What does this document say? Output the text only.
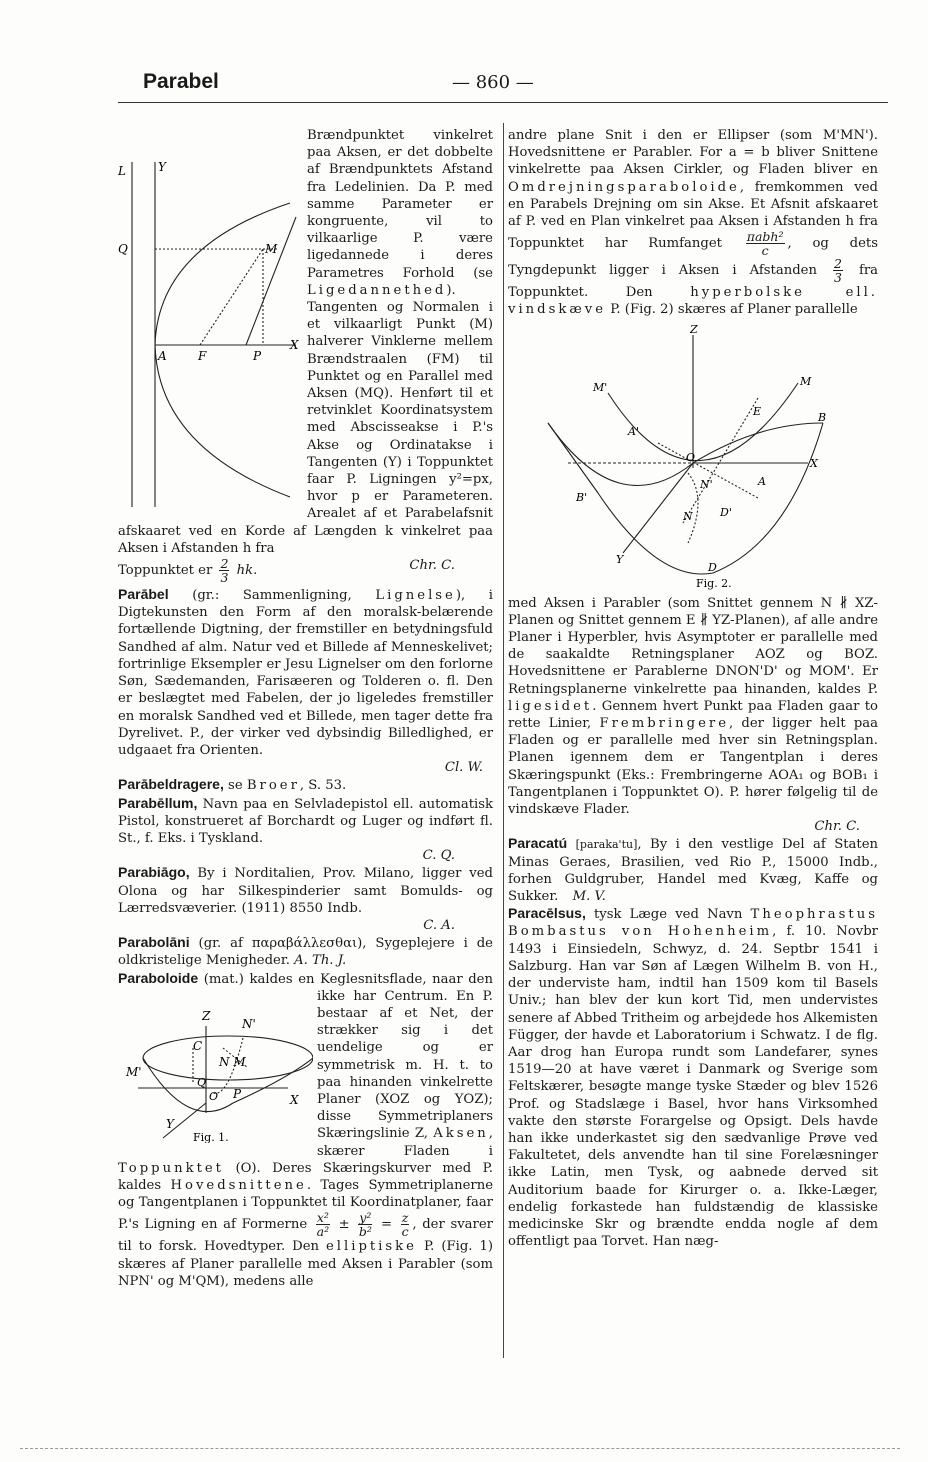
Parabel	— 860 —

L	Y
Q	M
A	F	P
X

Brændpunktet vinkelret paa Aksen, er det dobbelte af Brændpunktets Afstand fra Ledelinien. Da P. med samme Parameter er kongruente, vil to vilkaarlige P. være ligedannede i deres Parametres Forhold (se Ligedannethed). Tangenten og Normalen i et vilkaarligt Punkt (M) halverer Vinklerne mellem Brændstraalen (FM) til Punktet og en Parallel med Aksen (MQ). Henført til et retvinklet Koordinatsystem med Abscisseakse i P.'s Akse og Ordinatakse i Tangenten (Y) i Toppunktet faar P. Ligningen y²=px, hvor p er Parameteren. Arealet af et Parabelafsnit afskaaret ved en Korde af Længden k vinkelret paa Aksen i Afstanden h fra

Toppunktet er $\frac{2}{3}$ hk.	Chr. C.

Parābel (gr.: Sammenligning, Lignelse), i Digtekunsten den Form af den moralsk-belærende fortællende Digtning, der fremstiller en betydningsfuld Sandhed af alm. Natur ved et Billede af Menneskelivet; fortrinlige Eksempler er Jesu Lignelser om den forlorne Søn, Sædemanden, Farisæeren og Tolderen o. fl. Den er beslægtet med Fabelen, der jo ligeledes fremstiller en moralsk Sandhed ved et Billede, men tager dette fra Dyrelivet. P., der virker ved dybsindig Billedlighed, er udgaaet fra Orienten.
Cl. W.

Parābeldragere, se Broer, S. 53.

Parabēllum, Navn paa en Selvladepistol ell. automatisk Pistol, konstrueret af Borchardt og Luger og indført fl. St., f. Eks. i Tyskland.
C. Q.

Parabiāgo, By i Norditalien, Prov. Milano, ligger ved Olona og har Silkespinderier samt Bomulds- og Lærredsvæverier. (1911) 8550 Indb.
C. A.

Parabolāni (gr. af παραβάλλεσθαι), Sygeplejere i de oldkristelige Menigheder. A. Th. J.

Paraboloide (mat.) kaldes en Keglesnitsflade, naar den ikke har Centrum.
Z
N'
C
N M
M'
Q
O P	X
Y
Fig. 1.
En P. bestaar af et Net, der strækker sig i det uendelige og er symmetrisk m. H. t. to paa hinanden vinkelrette Planer (XOZ og YOZ); disse Symmetriplaners Skæringslinie Z, Aksen, skærer Fladen i Toppunktet (O). Deres Skæringskurver med P. kaldes Hovedsnittene. Tages Symmetriplanerne og Tangentplanen i Toppunktet til Koordinatplaner, faar P.'s Ligning en af Formerne $\frac{\text{x²}}{\text{a²}} \pm \frac{\text{y²}}{\text{b²}} = \frac{z}{c}$ , der svarer til to forsk. Hovedtyper. Den elliptiske P. (Fig. 1) skæres af Planer parallelle med Aksen i Parabler (som NPN' og M'QM), medens alle

andre plane Snit i den er Ellipser (som M'MN'). Hovedsnittene er Parabler. For a = b bliver Snittene vinkelrette paa Aksen Cirkler, og Fladen bliver en Omdrejningsparaboloide, fremkommen ved en Parabels Drejning om sin Akse. Et Afsnit afskaaret af P. ved en Plan vinkelret paa Aksen i Afstanden h fra Toppunktet har Rumfanget $\frac{\text{πabh²}}{c}$ , og dets Tyngdepunkt ligger i Aksen i Afstanden $\frac{2}{3}$ fra Toppunktet. Den	hyperbolske ell. vindskæve P. (Fig. 2) skæres af Planer parallelle

Z
M'	M
E	B
A'
O	X
N'	A
B'
N D'
Y
D
Fig. 2.

med Aksen i Parabler (som Snittet gennem N ∦ XZ-Planen og Snittet gennem E ∦ YZ-Planen), af alle andre Planer i Hyperbler, hvis Asymptoter er parallelle med de saakaldte Retningsplaner AOZ og BOZ. Hovedsnittene er Parablerne DNON'D' og MOM'. Er Retningsplanerne vinkelrette paa hinanden, kaldes P. ligesidet. Gennem hvert Punkt paa Fladen gaar to rette Linier, Frembringere, der ligger helt paa Fladen og er parallelle med hver sin Retningsplan. Planen igennem dem er Tangentplan i deres Skæringspunkt (Eks.: Frembringerne AOA₁ og BOB₁ i Tangentplanen i Toppunktet O). P. hører følgelig til de vindskæve Flader.
Chr. C.

Paracatú [paraka'tu], By i den vestlige Del af Staten Minas Geraes, Brasilien, ved Rio P., 15000 Indb., forhen Guldgruber, Handel med Kvæg, Kaffe og Sukker. M. V.

Paracēlsus, tysk Læge ved Navn Theophrastus Bombastus von Hohenheim, f. 10. Novbr 1493 i Einsiedeln, Schwyz, d. 24. Septbr 1541 i Salzburg. Han var Søn af Lægen Wilhelm B. von H., der underviste ham, indtil han 1509 kom til Basels Univ.; han blev der kun kort Tid, men undervistes senere af Abbed Tritheim og arbejdede hos Alkemisten Függer, der havde et Laboratorium i Schwatz. I de flg. Aar drog han Europa rundt som Landefarer, synes 1519—20 at have været i Danmark og Sverige som Feltskærer, besøgte mange tyske Stæder og blev 1526 Prof. og Stadslæge i Basel, hvor hans Virksomhed vakte den største Forargelse og Opsigt. Dels havde han ikke underkastet sig den sædvanlige Prøve ved Fakultetet, dels anvendte han til sine Forelæsninger ikke Latin, men Tysk, og aabnede derved sit Auditorium baade for Kirurger o. a. Ikke-Læger, endelig forkastede han fuldstændig de klassiske medicinske Skr og brændte endda nogle af dem offentligt paa Torvet. Han næg-
